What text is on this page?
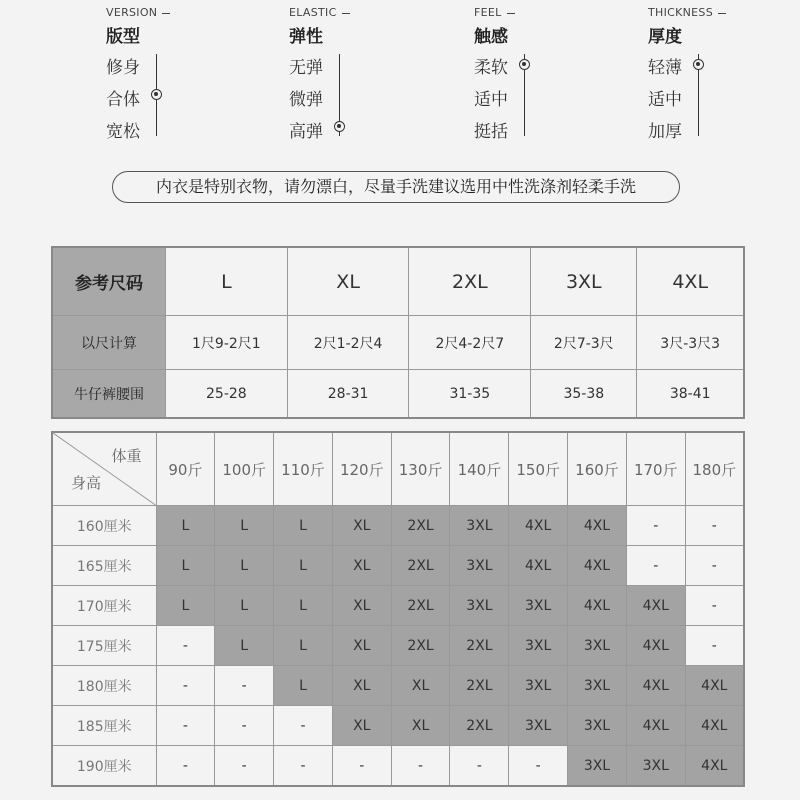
VERSION
版型
修身
合体
宽松
ELASTIC
弹性
无弹
微弹
高弹
FEEL
触感
柔软
适中
挺括
THICKNESS
厚度
轻薄
适中
加厚
内衣是特别衣物，请勿漂白，尽量手洗建议选用中性洗涤剂轻柔手洗
参考尺码	L	XL	2XL	3XL	4XL
以尺计算	1尺9-2尺1	2尺1-2尺4	2尺4-2尺7	2尺7-3尺	3尺-3尺3
牛仔裤腰围	25-28	28-31	31-35	35-38	38-41
体重
身高	90斤	100斤	110斤	120斤	130斤	140斤	150斤	160斤	170斤	180斤
160厘米	L	L	L	XL	2XL	3XL	4XL	4XL	-	-
165厘米	L	L	L	XL	2XL	3XL	4XL	4XL	-	-
170厘米	L	L	L	XL	2XL	3XL	3XL	4XL	4XL	-
175厘米	-	L	L	XL	2XL	2XL	3XL	3XL	4XL	-
180厘米	-	-	L	XL	XL	2XL	3XL	3XL	4XL	4XL
185厘米	-	-	-	XL	XL	2XL	3XL	3XL	4XL	4XL
190厘米	-	-	-	-	-	-	-	3XL	3XL	4XL
